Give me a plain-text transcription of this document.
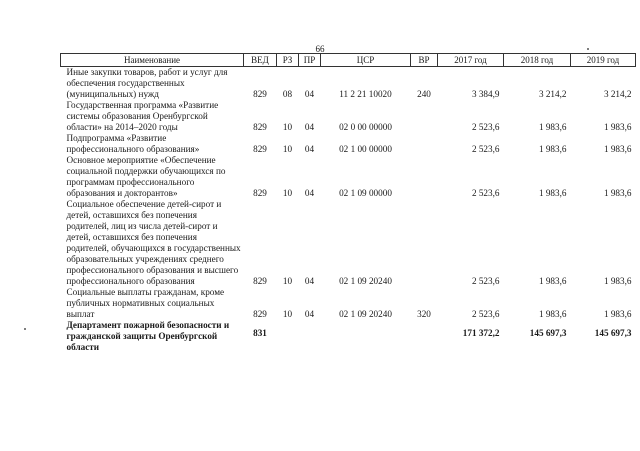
66
Наименование	ВЕД	РЗ	ПР	ЦСР	ВР	2017 год	2018 год	2019 год
Иные закупки товаров, работ и услуг для обеспечения государственных (муниципальных) нужд	829	08	04	11 2 21 10020	240	3 384,9	3 214,2	3 214,2
Государственная программа «Развитие системы образования Оренбургской области» на 2014–2020 годы	829	10	04	02 0 00 00000		2 523,6	1 983,6	1 983,6
Подпрограмма «Развитие профессионального образования»	829	10	04	02 1 00 00000		2 523,6	1 983,6	1 983,6
Основное мероприятие «Обеспечение социальной поддержки обучающихся по программам профессионального образования и докторантов»	829	10	04	02 1 09 00000		2 523,6	1 983,6	1 983,6
Социальное обеспечение детей-сирот и детей, оставшихся без попечения родителей, лиц из числа детей-сирот и детей, оставшихся без попечения родителей, обучающихся в государственных образовательных учреждениях среднего профессионального образования и высшего профессионального образования	829	10	04	02 1 09 20240		2 523,6	1 983,6	1 983,6
Социальные выплаты гражданам, кроме публичных нормативных социальных выплат	829	10	04	02 1 09 20240	320	2 523,6	1 983,6	1 983,6
Департамент пожарной безопасности и гражданской защиты Оренбургской области	831					171 372,2	145 697,3	145 697,3
